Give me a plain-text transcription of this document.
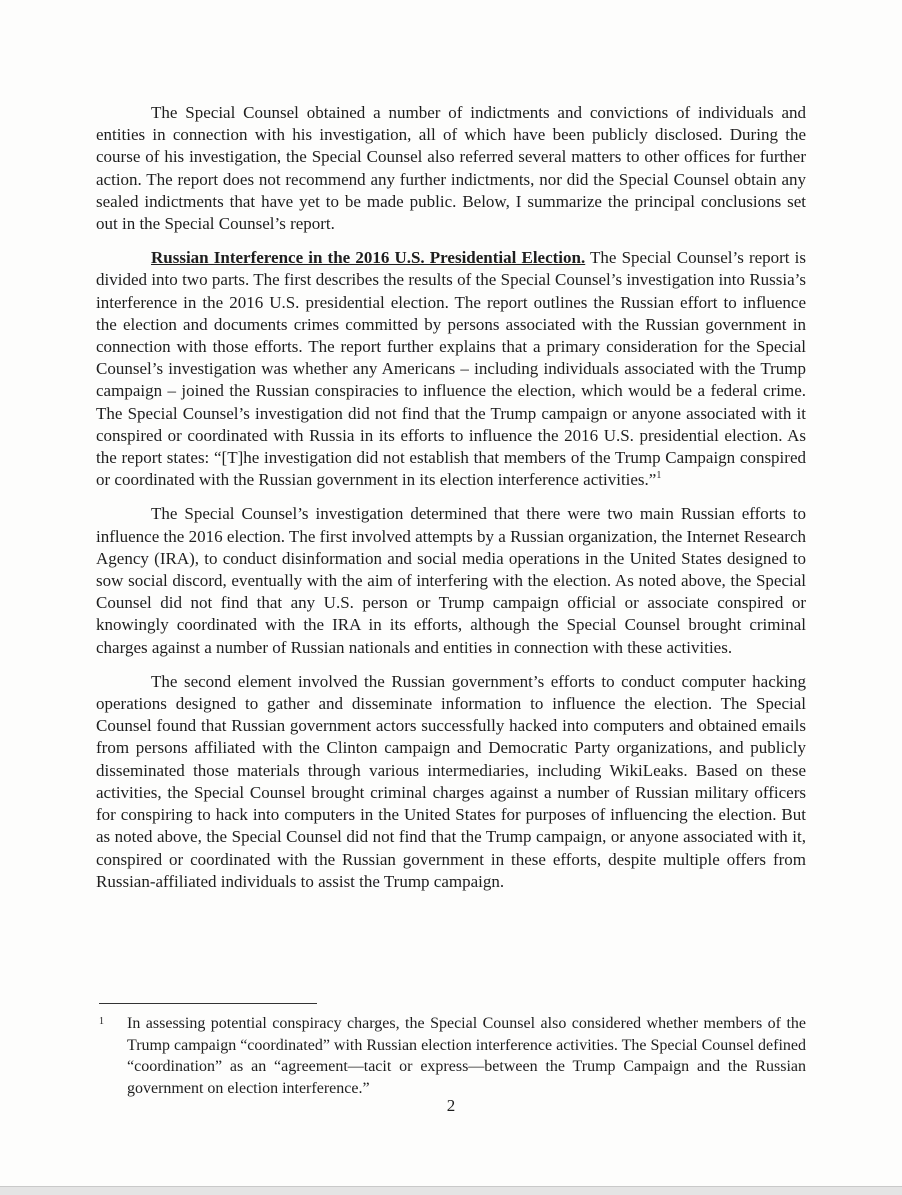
The Special Counsel obtained a number of indictments and convictions of individuals and entities in connection with his investigation, all of which have been publicly disclosed. During the course of his investigation, the Special Counsel also referred several matters to other offices for further action. The report does not recommend any further indictments, nor did the Special Counsel obtain any sealed indictments that have yet to be made public. Below, I summarize the principal conclusions set out in the Special Counsel’s report.

Russian Interference in the 2016 U.S. Presidential Election. The Special Counsel’s report is divided into two parts. The first describes the results of the Special Counsel’s investigation into Russia’s interference in the 2016 U.S. presidential election. The report outlines the Russian effort to influence the election and documents crimes committed by persons associated with the Russian government in connection with those efforts. The report further explains that a primary consideration for the Special Counsel’s investigation was whether any Americans – including individuals associated with the Trump campaign – joined the Russian conspiracies to influence the election, which would be a federal crime. The Special Counsel’s investigation did not find that the Trump campaign or anyone associated with it conspired or coordinated with Russia in its efforts to influence the 2016 U.S. presidential election. As the report states: “[T]he investigation did not establish that members of the Trump Campaign conspired or coordinated with the Russian government in its election interference activities.”$^1$

The Special Counsel’s investigation determined that there were two main Russian efforts to influence the 2016 election. The first involved attempts by a Russian organization, the Internet Research Agency (IRA), to conduct disinformation and social media operations in the United States designed to sow social discord, eventually with the aim of interfering with the election. As noted above, the Special Counsel did not find that any U.S. person or Trump campaign official or associate conspired or knowingly coordinated with the IRA in its efforts, although the Special Counsel brought criminal charges against a number of Russian nationals and entities in connection with these activities.

The second element involved the Russian government’s efforts to conduct computer hacking operations designed to gather and disseminate information to influence the election. The Special Counsel found that Russian government actors successfully hacked into computers and obtained emails from persons affiliated with the Clinton campaign and Democratic Party organizations, and publicly disseminated those materials through various intermediaries, including WikiLeaks. Based on these activities, the Special Counsel brought criminal charges against a number of Russian military officers for conspiring to hack into computers in the United States for purposes of influencing the election. But as noted above, the Special Counsel did not find that the Trump campaign, or anyone associated with it, conspired or coordinated with the Russian government in these efforts, despite multiple offers from Russian-affiliated individuals to assist the Trump campaign.

1 In assessing potential conspiracy charges, the Special Counsel also considered whether members of the Trump campaign “coordinated” with Russian election interference activities. The Special Counsel defined “coordination” as an “agreement—tacit or express—between the Trump Campaign and the Russian government on election interference.”
2
